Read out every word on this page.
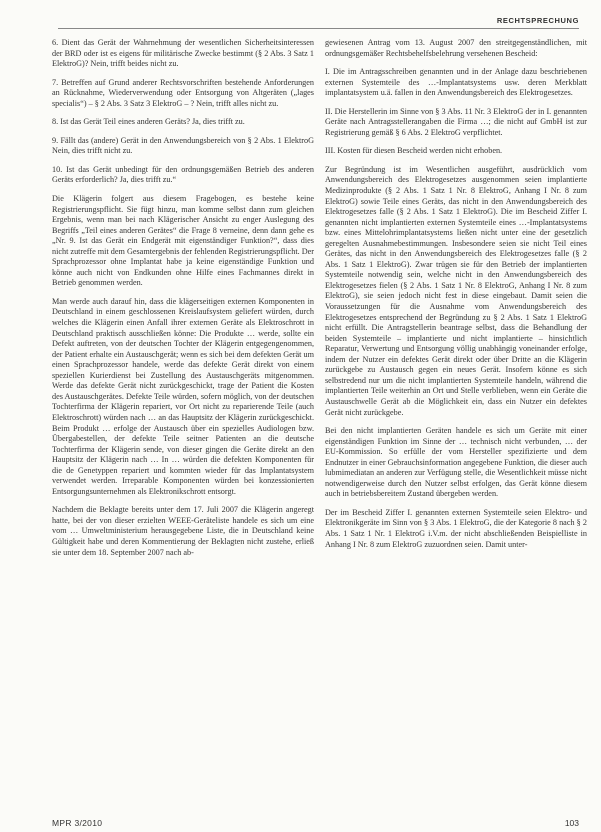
RECHTSPRECHUNG

6. Dient das Gerät der Wahrnehmung der wesentlichen Sicherheitsinteressen der BRD oder ist es eigens für militärische Zwecke bestimmt (§ 2 Abs. 3 Satz 1 ElektroG)? Nein, trifft beides nicht zu.

7. Betreffen auf Grund anderer Rechtsvorschriften bestehende Anforderungen an Rücknahme, Wiederverwendung oder Entsorgung von Altgeräten („lages specialis“) – § 2 Abs. 3 Satz 3 ElektroG – ? Nein, trifft alles nicht zu.

8. Ist das Gerät Teil eines anderen Geräts? Ja, dies trifft zu.

9. Fällt das (andere) Gerät in den Anwendungsbereich von § 2 Abs. 1 ElektroG Nein, dies trifft nicht zu.

10. Ist das Gerät unbedingt für den ordnungsgemäßen Betrieb des anderen Geräts erforderlich? Ja, dies trifft zu.“

Die Klägerin folgert aus diesem Fragebogen, es bestehe keine Registrierungspflicht. Sie fügt hinzu, man komme selbst dann zum gleichen Ergebnis, wenn man bei nach Klägerischer Ansicht zu enger Auslegung des Begriffs „Teil eines anderen Gerätes“ die Frage 8 verneine, denn dann gehe es „Nr. 9. Ist das Gerät ein Endgerät mit eigenständiger Funktion?“, dass dies nicht zutreffe mit dem Gesamtergebnis der fehlenden Registrierungspflicht. Der Sprachprozessor ohne Implantat habe ja keine eigenständige Funktion und könne auch nicht von Endkunden ohne Hilfe eines Fachmannes direkt in Betrieb genommen werden.

Man werde auch darauf hin, dass die klägerseitigen externen Komponenten in Deutschland in einem geschlossenen Kreislaufsystem geliefert würden, durch welches die Klägerin einen Anfall ihrer externen Geräte als Elektroschrott in Deutschland praktisch ausschließen könne: Die Produkte … werde, sollte ein Defekt auftreten, von der deutschen Tochter der Klägerin entgegengenommen, der Patient erhalte ein Austauschgerät; wenn es sich bei dem defekten Gerät um einen Sprachprozessor handele, werde das defekte Gerät direkt von einem speziellen Kurierdienst bei Zustellung des Austauschgeräts mitgenommen. Werde das defekte Gerät nicht zurückgeschickt, trage der Patient die Kosten des Austauschgerätes. Defekte Teile würden, sofern möglich, von der deutschen Tochterfirma der Klägerin repariert, vor Ort nicht zu reparierende Teile (auch Elektroschrott) würden nach … an das Hauptsitz der Klägerin zurückgeschickt. Beim Produkt … erfolge der Austausch über ein spezielles Audiologen bzw. Übergabestellen, der defekte Teile seitner Patienten an die deutsche Tochterfirma der Klägerin sende, von dieser gingen die Geräte direkt an den Hauptsitz der Klägerin nach … In … würden die defekten Komponenten für die de Genetyppen repariert und kommten wieder für das Implantatsystem verwendet werden. Irreparable Komponenten würden bei konzessionierten Entsorgungsunternehmen als Elektronikschrott entsorgt.

Nachdem die Beklagte bereits unter dem 17. Juli 2007 die Klägerin angeregt hatte, bei der von dieser erzielten WEEE-Geräteliste handele es sich um eine vom … Umweltministerium herausgegebene Liste, die in Deutschland keine Gültigkeit habe und deren Kommentierung der Beklagten nicht zustehe, erließ sie unter dem 18. September 2007 nach ab-

gewiesenen Antrag vom 13. August 2007 den streitgegenständlichen, mit ordnungsgemäßer Rechtsbehelfsbelehrung versehenen Bescheid:

I. Die im Antragsschreiben genannten und in der Anlage dazu beschriebenen externen Systemteile des …-Implantatsystems usw. deren Merkblatt implantatsystem u.ä. fallen in den Anwendungsbereich des Elektrogesetzes.

II. Die Herstellerin im Sinne von § 3 Abs. 11 Nr. 3 ElektroG der in I. genannten Geräte nach Antragsstellerangaben die Firma …; die nicht auf GmbH ist zur Registrierung gemäß § 6 Abs. 2 ElektroG verpflichtet.

III. Kosten für diesen Bescheid werden nicht erhoben.

Zur Begründung ist im Wesentlichen ausgeführt, ausdrücklich vom Anwendungsbereich des Elektrogesetzes ausgenommen seien implantierte Medizinprodukte (§ 2 Abs. 1 Satz 1 Nr. 8 ElektroG, Anhang I Nr. 8 zum ElektroG) sowie Teile eines Geräts, das nicht in den Anwendungsbereich des Elektrogesetzes falle (§ 2 Abs. 1 Satz 1 ElektroG). Die im Bescheid Ziffer I. genannten nicht implantierten externen Systemteile eines …-Implantatsystems bzw. eines Mittelohrimplantatsystems ließen nicht unter eine der gesetzlich geregelten Ausnahmebestimmungen. Insbesondere seien sie nicht Teil eines Gerätes, das nicht in den Anwendungsbereich des Elektrogesetzes falle (§ 2 Abs. 1 Satz 1 ElektroG). Zwar trügen sie für den Betrieb der implantierten Systemteile notwendig sein, welche nicht in den Anwendungsbereich des Elektrogesetzes fielen (§ 2 Abs. 1 Satz 1 Nr. 8 ElektroG, Anhang I Nr. 8 zum ElektroG), sie seien jedoch nicht fest in diese eingebaut. Damit seien die Voraussetzungen für die Ausnahme vom Anwendungsbereich des Elektrogesetzes entsprechend der Begründung zu § 2 Abs. 1 Satz 1 ElektroG nicht erfüllt. Die Antragstellerin beantrage selbst, dass die Behandlung der beiden Systemteile – implantierte und nicht implantierte – hinsichtlich Reparatur, Verwertung und Entsorgung völlig unabhängig voneinander erfolge, indem der Nutzer ein defektes Gerät direkt oder über Dritte an die Klägerin zurückgebe zu Austausch gegen ein neues Gerät. Insofern könne es sich selbstredend nur um die nicht implantierten Systemteile handeln, während die implantierten Teile weiterhin an Ort und Stelle verblieben, wenn ein Geräte die Austauschwelle Gerät ab die Möglichkeit ein, dass ein Nutzer ein defektes Gerät nicht zurückgebe.

Bei den nicht implantierten Geräten handele es sich um Geräte mit einer eigenständigen Funktion im Sinne der … technisch nicht verbunden, … der EU-Kommission. So erfülle der vom Hersteller spezifizierte und dem Endnutzer in einer Gebrauchsinformation angegebene Funktion, die dieser auch lubmimediatan an anderen zur Verfügung stelle, die Wesentlichkeit müsse nicht notwendigerweise durch den Nutzer selbst erfolgen, das Gerät könne diesem auch in betriebsbereitem Zustand übergeben werden.

Der im Bescheid Ziffer I. genannten externen Systemteile seien Elektro- und Elektronikgeräte im Sinn von § 3 Abs. 1 ElektroG, die der Kategorie 8 nach § 2 Abs. 1 Satz 1 Nr. 1 ElektroG i.V.m. der nicht abschließenden Beispielliste in Anhang I Nr. 8 zum ElektroG zuzuordnen seien. Damit unter-

MPR 3/2010	103
